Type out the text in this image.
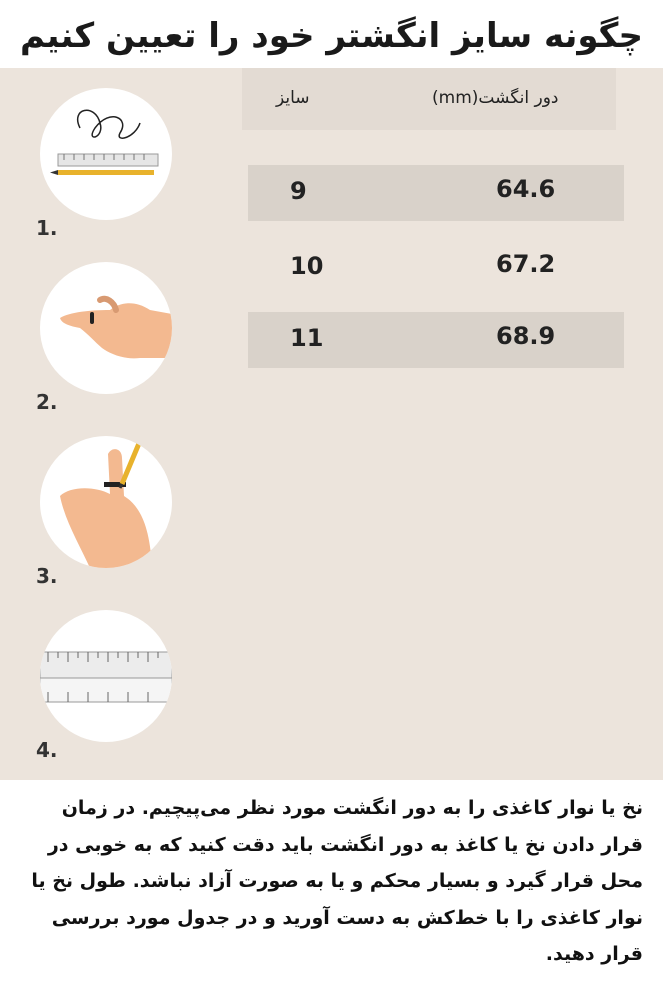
چگونه سایز انگشتر خود را تعیین کنیم
1.
2.
3.
4.
سایز	دور انگشت(mm)
9	64.6
10	67.2
11	68.9
نخ یا نوار کاغذی را به دور انگشت مورد نظر می‌پیچیم. در زمان قرار دادن نخ یا کاغذ به دور انگشت باید دقت کنید که به خوبی در محل قرار گیرد و بسیار محکم و یا به صورت آزاد نباشد. طول نخ یا نوار کاغذی را با خط‌کش به دست آورید و در جدول مورد بررسی قرار دهید.
